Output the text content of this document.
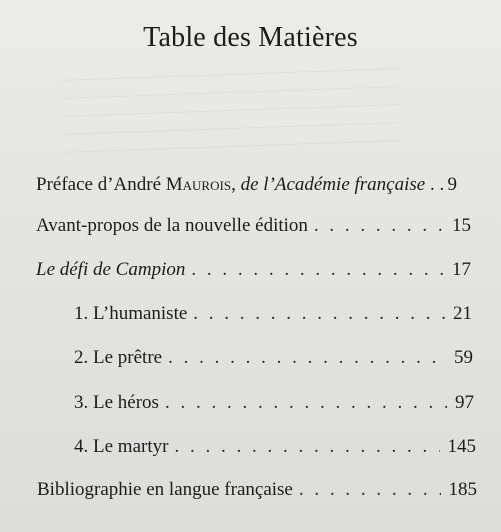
Table des Matières
Préface d’André Maurois, de l’Académie française . . 9
Avant-propos de la nouvelle édition . . .	15
Le défi de Campion . . .	17
1. L’humaniste . . .	21
2. Le prêtre . . .	59
3. Le héros . . .	97
4. Le martyr . . .	145
Bibliographie en langue française . . .	185
